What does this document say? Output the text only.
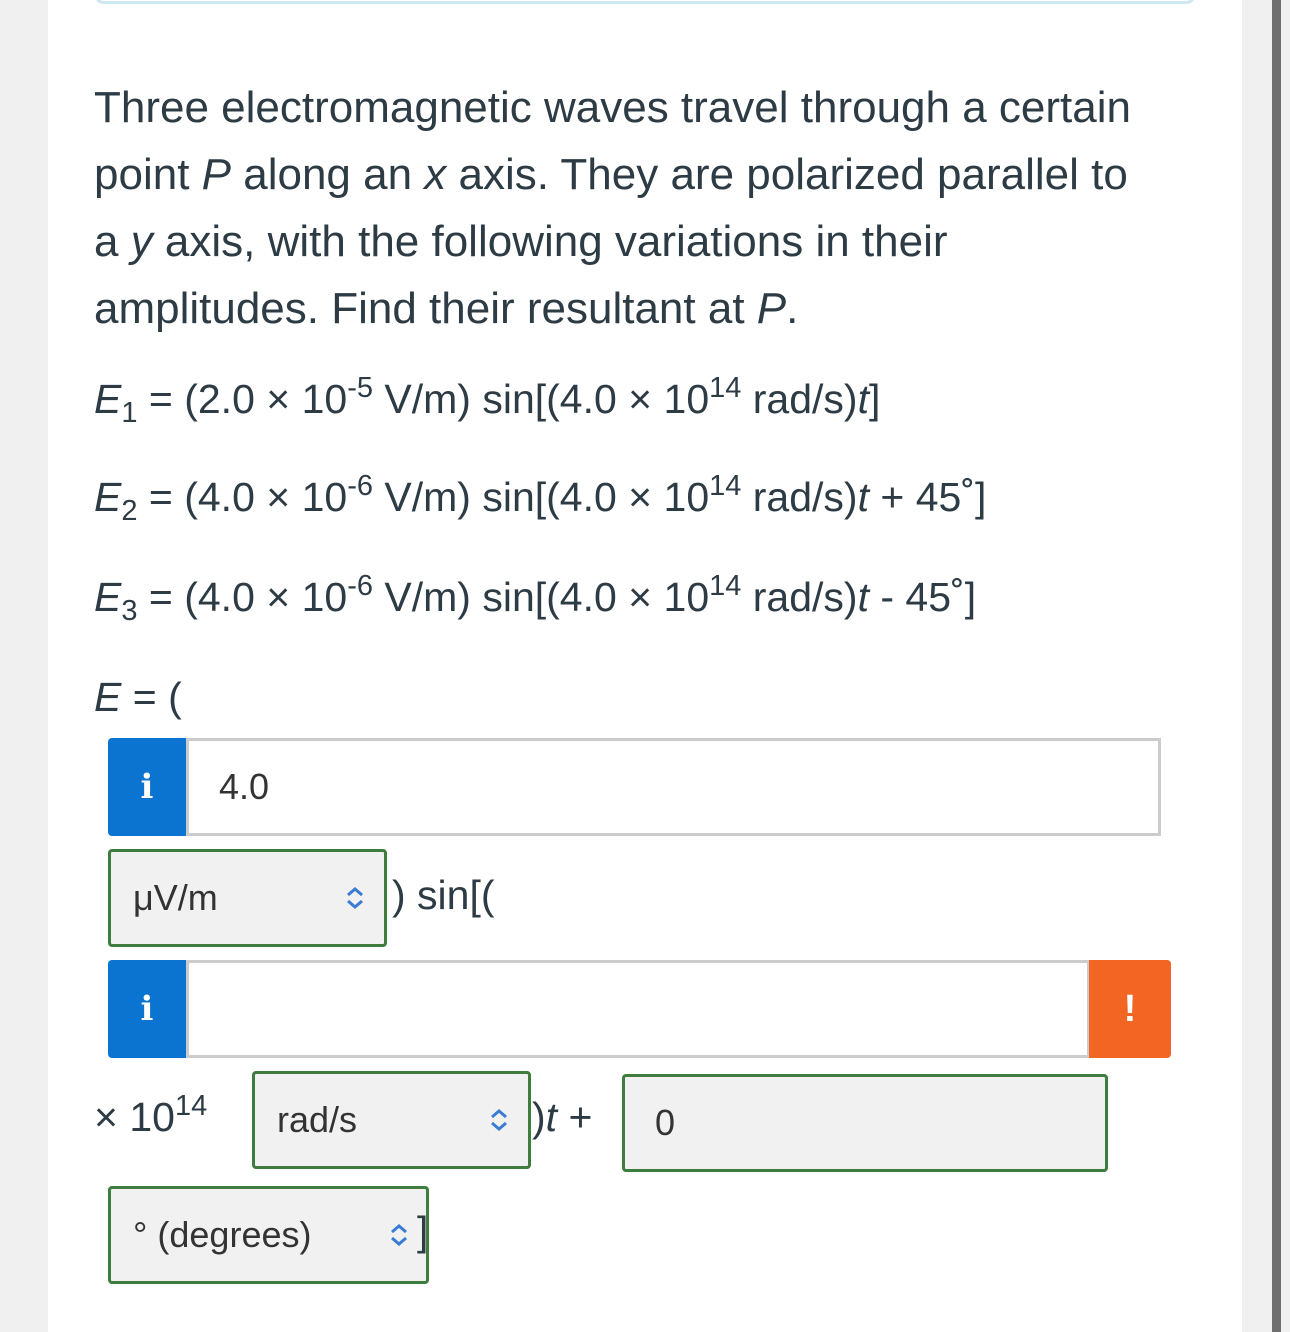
Three electromagnetic waves travel through a certain point P along an x axis. They are polarized parallel to a y axis, with the following variations in their amplitudes. Find their resultant at P.
$E_1 = (2.0 \times 10^{-5}$ V/m) $\sin[(4.0 \times 10^{14}$ rad/s)t]
$E_2 = (4.0 \times 10^{-6}$ V/m) $\sin[(4.0 \times 10^{14}$ rad/s)t + 45˚]
$E_3 = (4.0 \times 10^{-6}$ V/m) $\sin[(4.0 \times 10^{14}$ rad/s)t - 45˚]
E = (
i 4.0
μV/m	) sin[(
i	!
× $10^{14}$ rad/s	)t + 0
° (degrees)	]
